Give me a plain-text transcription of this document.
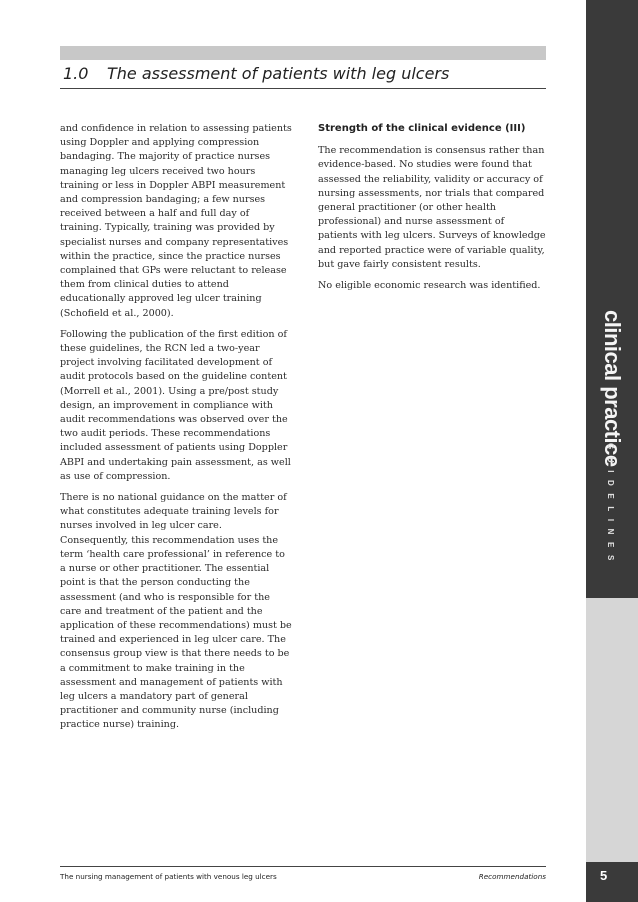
1.0 The assessment of patients with leg ulcers

and confidence in relation to assessing patients using Doppler and applying compression bandaging. The majority of practice nurses managing leg ulcers received two hours training or less in Doppler ABPI measurement and compression bandaging; a few nurses received between a half and full day of training. Typically, training was provided by specialist nurses and company representatives within the practice, since the practice nurses complained that GPs were reluctant to release them from clinical duties to attend educationally approved leg ulcer training (Schofield et al., 2000).

Following the publication of the first edition of these guidelines, the RCN led a two-year project involving facilitated development of audit protocols based on the guideline content (Morrell et al., 2001). Using a pre/post study design, an improvement in compliance with audit recommendations was observed over the two audit periods. These recommendations included assessment of patients using Doppler ABPI and undertaking pain assessment, as well as use of compression.

There is no national guidance on the matter of what constitutes adequate training levels for nurses involved in leg ulcer care. Consequently, this recommendation uses the term ‘health care professional’ in reference to a nurse or other practitioner. The essential point is that the person conducting the assessment (and who is responsible for the care and treatment of the patient and the application of these recommendations) must be trained and experienced in leg ulcer care. The consensus group view is that there needs to be a commitment to make training in the assessment and management of patients with leg ulcers a mandatory part of general practitioner and community nurse (including practice nurse) training.

Strength of the clinical evidence (III)

The recommendation is consensus rather than evidence-based. No studies were found that assessed the reliability, validity or accuracy of nursing assessments, nor trials that compared general practitioner (or other health professional) and nurse assessment of patients with leg ulcers. Surveys of knowledge and reported practice were of variable quality, but gave fairly consistent results.

No eligible economic research was identified.

clinical practice
GUIDELINES
The nursing management of patients with venous leg ulcers	Recommendations	5
